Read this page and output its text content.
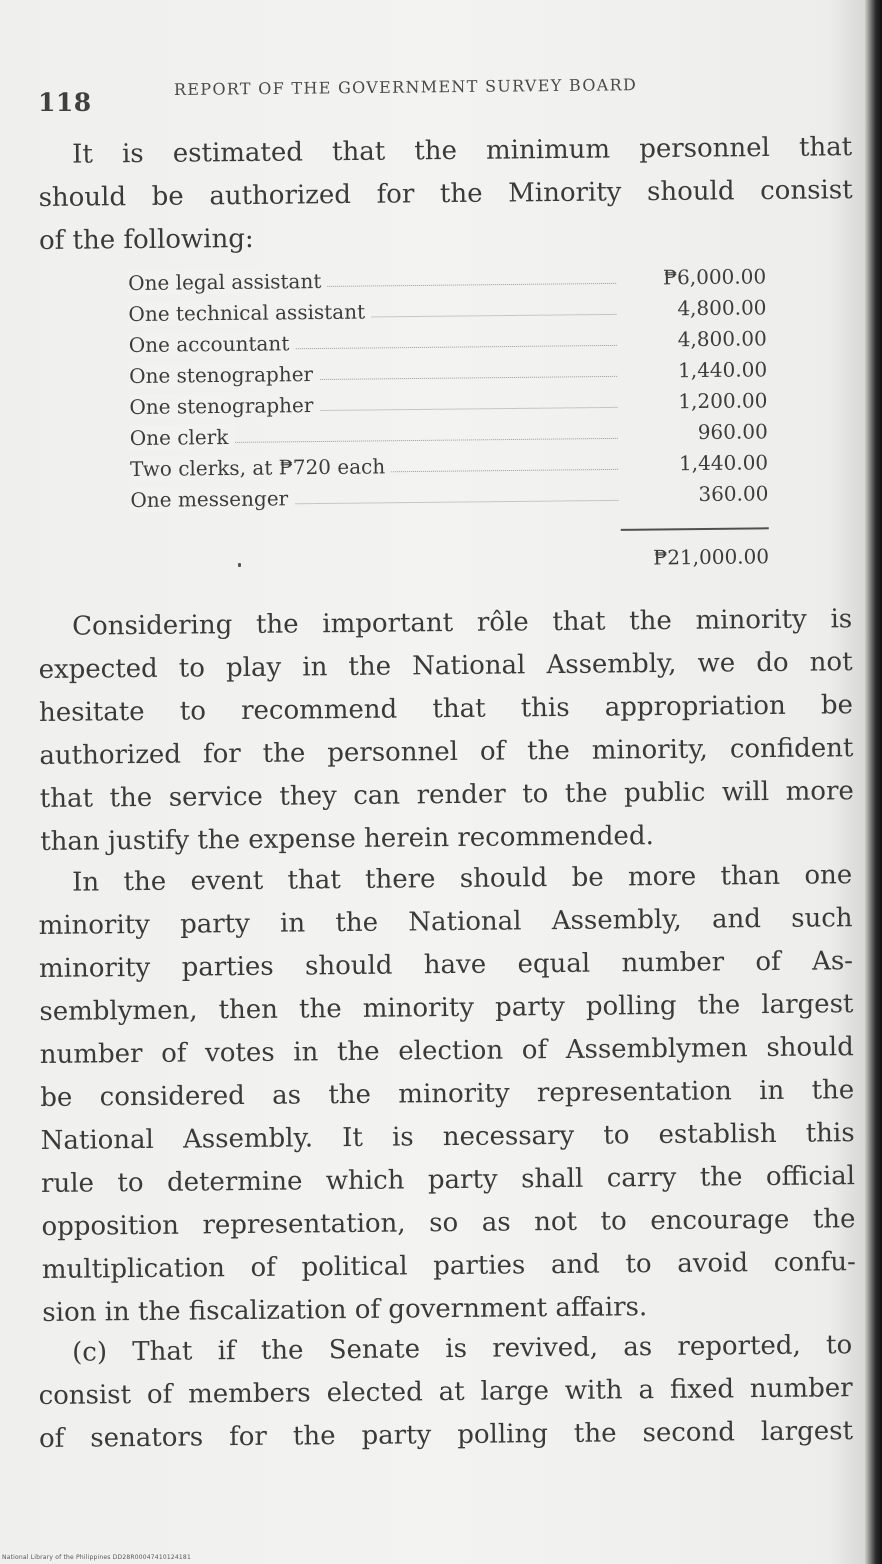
118
REPORT OF THE GOVERNMENT SURVEY BOARD
It is estimated that the minimum personnel that
should be authorized for the Minority should consist
of the following:
One legal assistant	₱6,000.00
One technical assistant	4,800.00
One accountant	4,800.00
One stenographer	1,440.00
One stenographer	1,200.00
One clerk	960.00
Two clerks, at ₱720 each	1,440.00
One messenger	360.00
₱21,000.00
Considering the important rôle that the minority is
expected to play in the National Assembly, we do not
hesitate to recommend that this appropriation be
authorized for the personnel of the minority, confident
that the service they can render to the public will more
than justify the expense herein recommended.
In the event that there should be more than one
minority party in the National Assembly, and such
minority parties should have equal number of As-
semblymen, then the minority party polling the largest
number of votes in the election of Assemblymen should
be considered as the minority representation in the
National Assembly. It is necessary to establish this
rule to determine which party shall carry the official
opposition representation, so as not to encourage the
multiplication of political parties and to avoid confu-
sion in the fiscalization of government affairs.
(c) That if the Senate is revived, as reported, to
consist of members elected at large with a fixed number
of senators for the party polling the second largest
National Library of the Philippines DD28R00047410124181
